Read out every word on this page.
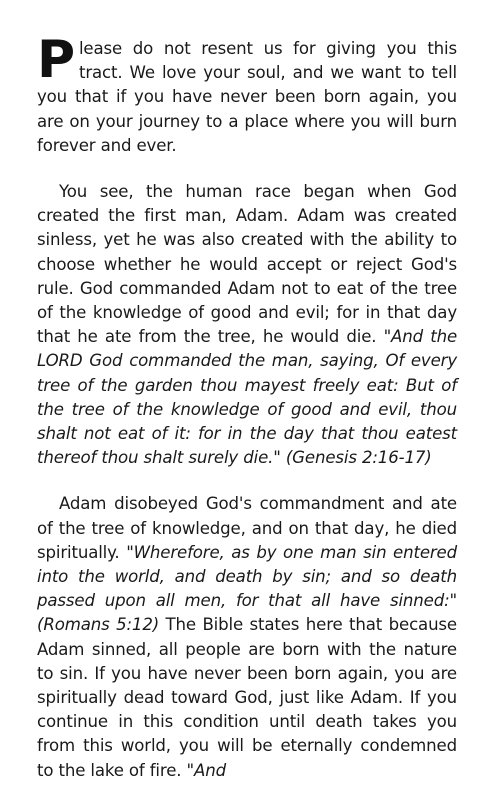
Please do not resent us for giving you this tract. We love your soul, and we want to tell you that if you have never been born again, you are on your journey to a place where you will burn forever and ever.

You see, the human race began when God created the first man, Adam. Adam was created sinless, yet he was also created with the ability to choose whether he would accept or reject God's rule. God commanded Adam not to eat of the tree of the knowledge of good and evil; for in that day that he ate from the tree, he would die. "And the LORD God commanded the man, saying, Of every tree of the garden thou mayest freely eat: But of the tree of the knowledge of good and evil, thou shalt not eat of it: for in the day that thou eatest thereof thou shalt surely die." (Genesis 2:16-17)

Adam disobeyed God's commandment and ate of the tree of knowledge, and on that day, he died spiritually. "Wherefore, as by one man sin entered into the world, and death by sin; and so death passed upon all men, for that all have sinned:" (Romans 5:12) The Bible states here that because Adam sinned, all people are born with the nature to sin. If you have never been born again, you are spiritually dead toward God, just like Adam. If you continue in this condition until death takes you from this world, you will be eternally condemned to the lake of fire. "And
